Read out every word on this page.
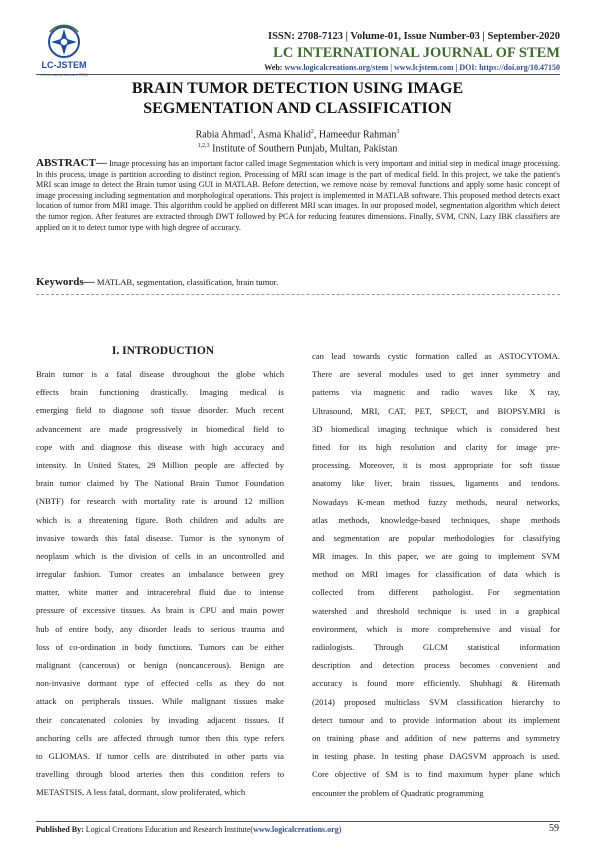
LC-JSTEM
LC-International Journal of STEM
ISSN: 2708-7123 | Volume-01, Issue Number-03 | September-2020
LC INTERNATIONAL JOURNAL OF STEM
Web: www.logicalcreations.org/stem | www.lcjstem.com | DOI: https://doi.org/10.47150
BRAIN TUMOR DETECTION USING IMAGE
SEGMENTATION AND CLASSIFICATION
Rabia Ahmad$^1$, Asma Khalid$^2$, Hameedur Rahman$^3$
$^{1,2,3}$ Institute of Southern Punjab, Multan, Pakistan
ABSTRACT— Image processing has an important factor called image Segmentation which is very important and initial step in medical image processing. In this process, image is partition according to distinct region. Processing of MRI scan image is the part of medical field. In this project, we take the patient's MRI scan image to detect the Brain tumor using GUI in MATLAB. Before detection, we remove noise by removal functions and apply some basic concept of image processing including segmentation and morphological operations. This project is implemented in MATLAB software. This proposed method detects exact location of tumor from MRI image. This algorithm could be applied on different MRI scan images. In our proposed model, segmentation algorithm which detect the tumor region. After features are extracted through DWT followed by PCA for reducing features dimensions. Finally, SVM, CNN, Lazy IBK classifiers are applied on it to detect tumor type with high degree of accuracy.
Keywords— MATLAB, segmentation, classification, brain tumor.
I. INTRODUCTION
Brain tumor is a fatal disease throughout the globe which
effects brain functioning drastically. Imaging medical is
emerging field to diagnose soft tissue disorder. Much recent
advancement are made progressively in biomedical field to
cope with and diagnose this disease with high accuracy and
intensity. In United States, 29 Million people are affected by
brain tumor claimed by The National Brain Tumor Foundation
(NBTF) for research with mortality rate is around 12 million
which is a threatening figure. Both children and adults are
invasive towards this fatal disease. Tumor is the synonym of
neoplasm which is the division of cells in an uncontrolled and
irregular fashion. Tumor creates an imbalance between grey
matter, white matter and intracerebral fluid due to intense
pressure of excessive tissues. As brain is CPU and main power
hub of entire body, any disorder leads to serious trauma and
loss of co-ordination in body functions. Tumors can be either
malignant (cancerous) or benign (noncancerous). Benign are
non-invasive dormant type of effected cells as they do not
attack on peripherals tissues. While malignant tissues make
their concatenated colonies by invading adjacent tissues. If
anchoring cells are affected through tumor then this type refers
to GLIOMAS. If tumor cells are distributed in other parts via
travelling through blood arteries then this condition refers to
METASTSIS, A less fatal, dormant, slow proliferated, which
can lead towards cystic formation called as ASTOCYTOMA.
There are several modules used to get inner symmetry and
patterns via magnetic and radio waves like X ray,
Ultrasound, MRI, CAT, PET, SPECT, and BIOPSY.MRI is
3D biomedical imaging technique which is considered best
fitted for its high resolution and clarity for image pre-
processing. Moreover, it is most appropriate for soft tissue
anatomy like liver, brain tissues, ligaments and tendons.
Nowadays K-mean method fuzzy methods, neural networks,
atlas methods, knowledge-based techniques, shape methods
and segmentation are popular methodologies for classifying
MR images. In this paper, we are going to implement SVM
method on MRI images for classification of data which is
collected from different pathologist. For segmentation
watershed and threshold technique is used in a graphical
environment, which is more comprehensive and visual for
radiologists. Through GLCM statistical information
description and detection process becomes convenient and
accuracy is found more efficiently. Shubhagi & Hiremath
(2014) proposed multiclass SVM classification hierarchy to
detect tumour and to provide information about its implement
on training phase and addition of new patterns and symmetry
in testing phase. In testing phase DAGSVM approach is used.
Core objective of SM is to find maximum hyper plane which
encounter the problem of Quadratic programming
Published By: Logical Creations Education and Research Institute(www.logicalcreations.org)	59
